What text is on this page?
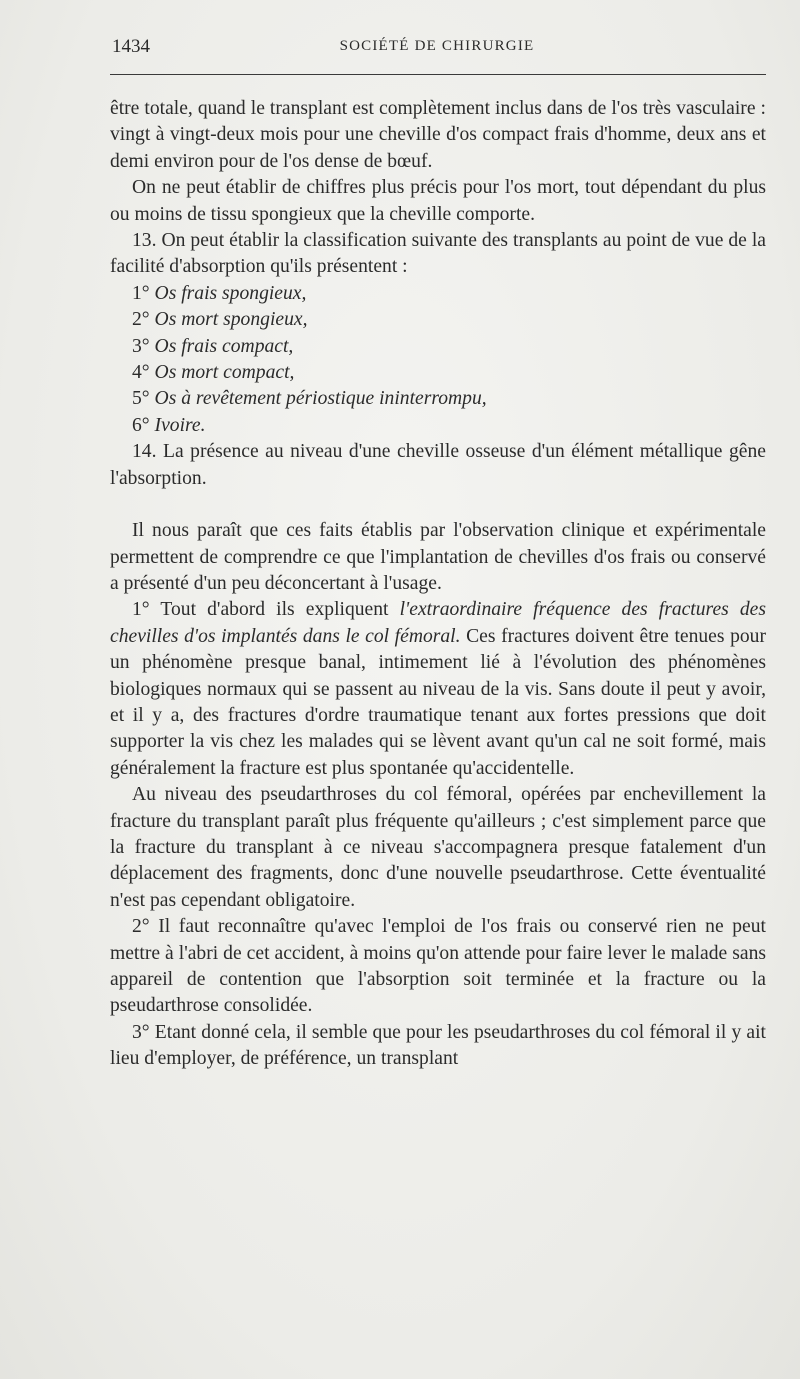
1434	SOCIÉTÉ DE CHIRURGIE

être totale, quand le transplant est complètement inclus dans de l'os très vasculaire : vingt à vingt-deux mois pour une cheville d'os compact frais d'homme, deux ans et demi environ pour de l'os dense de bœuf.

On ne peut établir de chiffres plus précis pour l'os mort, tout dépendant du plus ou moins de tissu spongieux que la cheville comporte.

13. On peut établir la classification suivante des transplants au point de vue de la facilité d'absorption qu'ils présentent :

1° Os frais spongieux,

2° Os mort spongieux,

3° Os frais compact,

4° Os mort compact,

5° Os à revêtement périostique ininterrompu,

6° Ivoire.

14. La présence au niveau d'une cheville osseuse d'un élément métallique gêne l'absorption.

Il nous paraît que ces faits établis par l'observation clinique et expérimentale permettent de comprendre ce que l'implantation de chevilles d'os frais ou conservé a présenté d'un peu déconcertant à l'usage.

1° Tout d'abord ils expliquent l'extraordinaire fréquence des fractures des chevilles d'os implantés dans le col fémoral. Ces fractures doivent être tenues pour un phénomène presque banal, intimement lié à l'évolution des phénomènes biologiques normaux qui se passent au niveau de la vis. Sans doute il peut y avoir, et il y a, des fractures d'ordre traumatique tenant aux fortes pressions que doit supporter la vis chez les malades qui se lèvent avant qu'un cal ne soit formé, mais généralement la fracture est plus spontanée qu'accidentelle.

Au niveau des pseudarthroses du col fémoral, opérées par enchevillement la fracture du transplant paraît plus fréquente qu'ailleurs ; c'est simplement parce que la fracture du transplant à ce niveau s'accompagnera presque fatalement d'un déplacement des fragments, donc d'une nouvelle pseudarthrose. Cette éventualité n'est pas cependant obligatoire.

2° Il faut reconnaître qu'avec l'emploi de l'os frais ou conservé rien ne peut mettre à l'abri de cet accident, à moins qu'on attende pour faire lever le malade sans appareil de contention que l'absorption soit terminée et la fracture ou la pseudarthrose consolidée.

3° Etant donné cela, il semble que pour les pseudarthroses du col fémoral il y ait lieu d'employer, de préférence, un transplant
